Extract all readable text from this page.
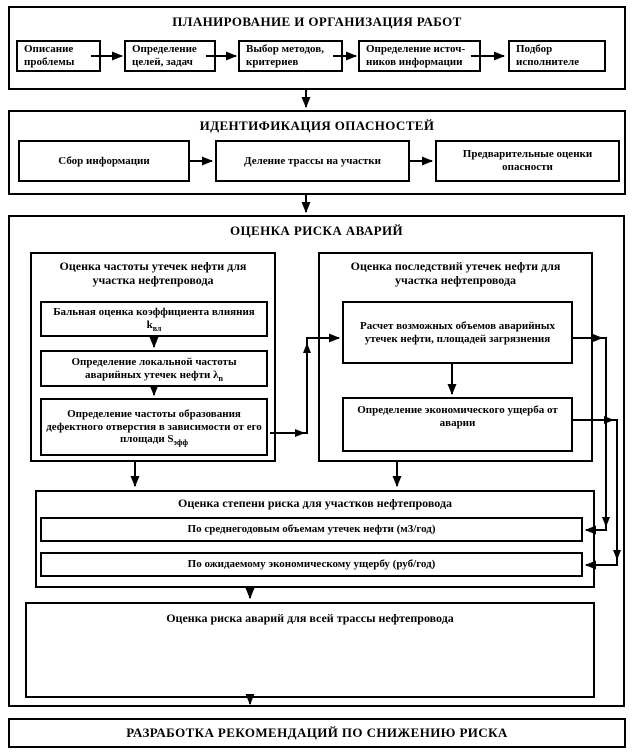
ПЛАНИРОВАНИЕ И ОРГАНИЗАЦИЯ РАБОТ
Описание проблемы
Определение целей, задач
Выбор методов, критериев
Определение источ-ников информации
Подбор исполнителе
ИДЕНТИФИКАЦИЯ ОПАСНОСТЕЙ
Сбор информации	Деление трассы на участки
Предварительные оценки опасности
ОЦЕНКА РИСКА АВАРИЙ
Оценка частоты утечек нефти для участка нефтепровода
Бальная оценка коэффициента влияния $k_{вл}$
Определение локальной частоты аварийных утечек нефти $\lambda_n$
Определение частоты образования дефектного отверстия в зависимости от его площади $S_{эфф}$
Оценка последствий утечек нефти для участка нефтепровода
Расчет возможных объемов аварийных утечек нефти, площадей загрязнения
Определение экономического ущерба от аварии
Оценка степени риска для участков нефтепровода
По среднегодовым объемам утечек нефти (м3/год)
По ожидаемому экономическому ущербу (руб/год)
Оценка риска аварий для всей трассы нефтепровода
РАЗРАБОТКА РЕКОМЕНДАЦИЙ ПО СНИЖЕНИЮ РИСКА
